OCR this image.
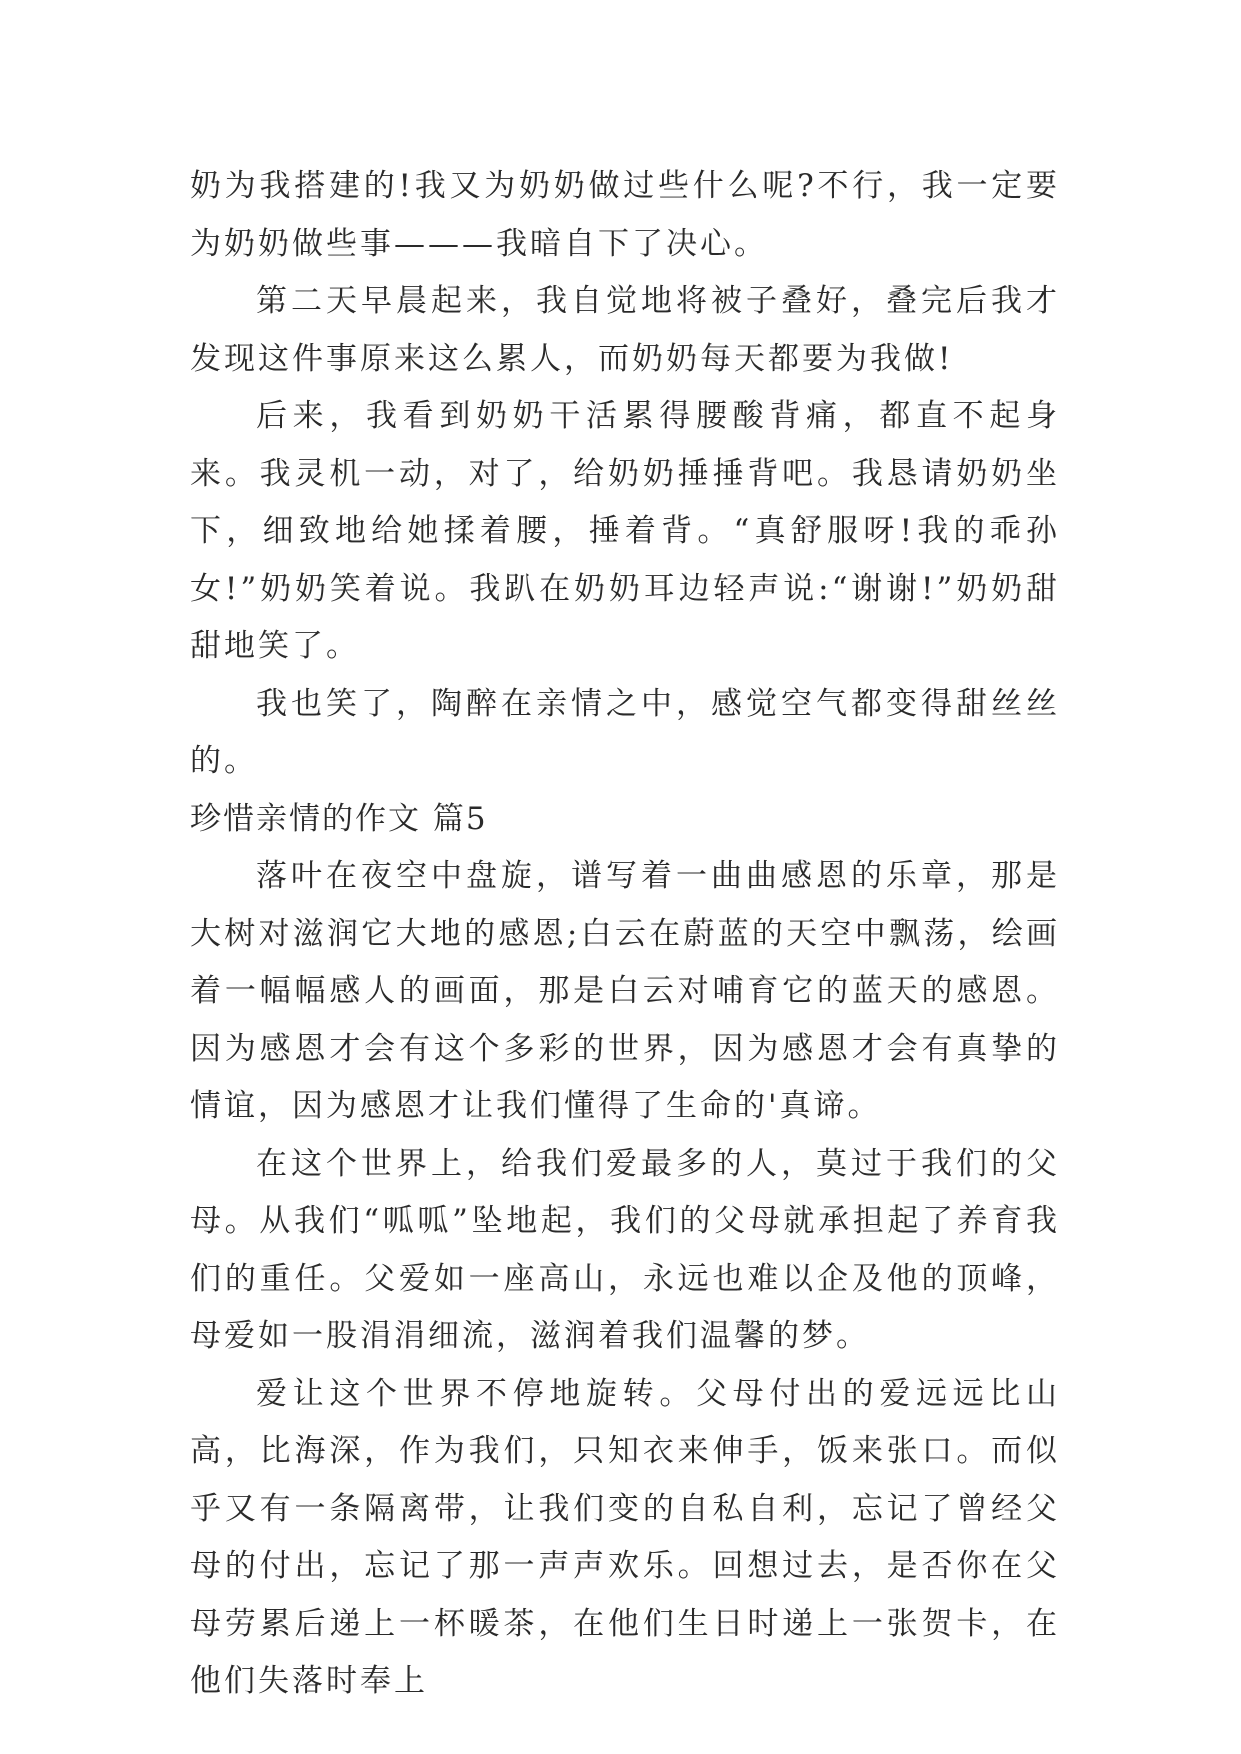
奶为我搭建的!我又为奶奶做过些什么呢?不行，我一定要为奶奶做些事———我暗自下了决心。

第二天早晨起来，我自觉地将被子叠好，叠完后我才发现这件事原来这么累人，而奶奶每天都要为我做!

后来，我看到奶奶干活累得腰酸背痛，都直不起身来。我灵机一动，对了，给奶奶捶捶背吧。我恳请奶奶坐下，细致地给她揉着腰，捶着背。“真舒服呀!我的乖孙女!”奶奶笑着说。我趴在奶奶耳边轻声说:“谢谢!”奶奶甜甜地笑了。

我也笑了，陶醉在亲情之中，感觉空气都变得甜丝丝的。

珍惜亲情的作文 篇5

落叶在夜空中盘旋，谱写着一曲曲感恩的乐章，那是大树对滋润它大地的感恩;白云在蔚蓝的天空中飘荡，绘画着一幅幅感人的画面，那是白云对哺育它的蓝天的感恩。因为感恩才会有这个多彩的世界，因为感恩才会有真挚的情谊，因为感恩才让我们懂得了生命的'真谛。

在这个世界上，给我们爱最多的人，莫过于我们的父母。从我们“呱呱”坠地起，我们的父母就承担起了养育我们的重任。父爱如一座高山，永远也难以企及他的顶峰，母爱如一股涓涓细流，滋润着我们温馨的梦。

爱让这个世界不停地旋转。父母付出的爱远远比山高，比海深，作为我们，只知衣来伸手，饭来张口。而似乎又有一条隔离带，让我们变的自私自利，忘记了曾经父母的付出，忘记了那一声声欢乐。回想过去，是否你在父母劳累后递上一杯暖茶，在他们生日时递上一张贺卡，在他们失落时奉上
